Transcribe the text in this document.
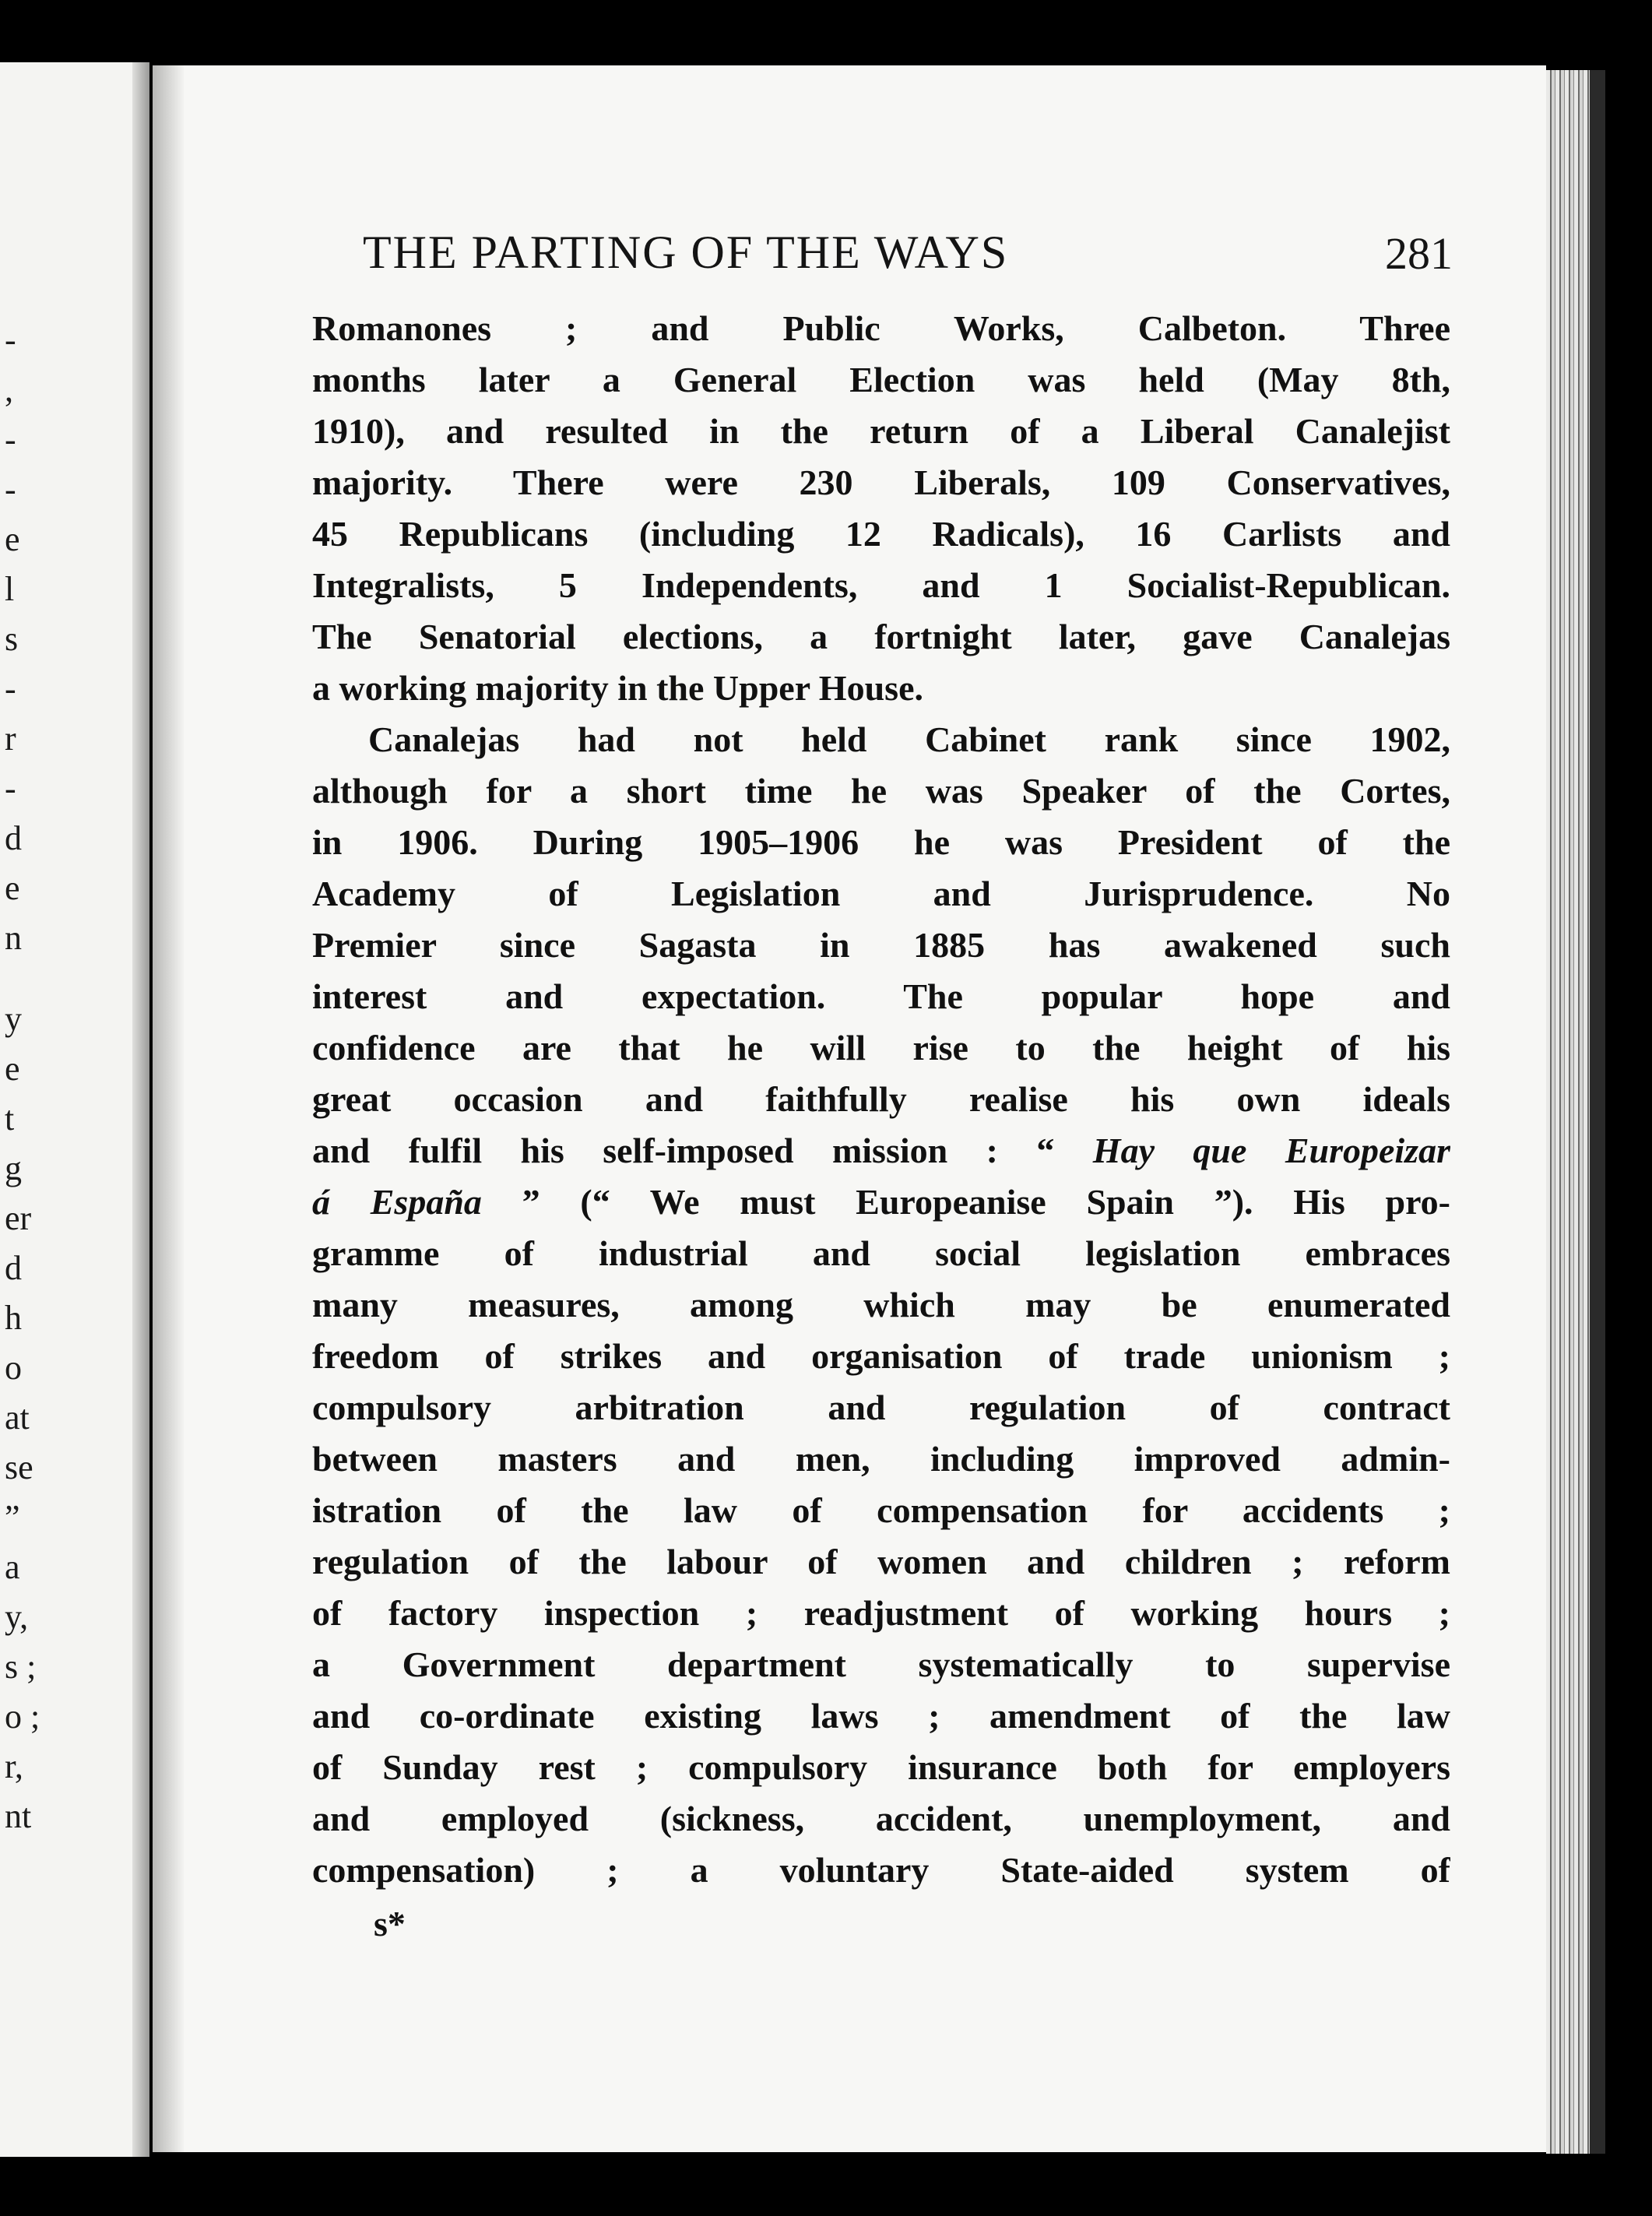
-
,
-
-
e
l
s
-
r
-
d
e
n
y
e
t
g
er
d
h
o
at
se
”
a
y,
s ;
o ;
r,
nt
THE PARTING OF THE WAYS	281
Romanones ; and Public Works, Calbeton. Three
months later a General Election was held (May 8th,
1910), and resulted in the return of a Liberal Canalejist
majority. There were 230 Liberals, 109 Conservatives,
45 Republicans (including 12 Radicals), 16 Carlists and
Integralists, 5 Independents, and 1 Socialist-Republican.
The Senatorial elections, a fortnight later, gave Canalejas
a working majority in the Upper House.
Canalejas had not held Cabinet rank since 1902,
although for a short time he was Speaker of the Cortes,
in 1906. During 1905–1906 he was President of the
Academy of Legislation and Jurisprudence. No
Premier since Sagasta in 1885 has awakened such
interest and expectation. The popular hope and
confidence are that he will rise to the height of his
great occasion and faithfully realise his own ideals
and fulfil his self-imposed mission : “ Hay que Europeizar
á España ” (“ We must Europeanise Spain ”). His pro-
gramme of industrial and social legislation embraces
many measures, among which may be enumerated
freedom of strikes and organisation of trade unionism ;
compulsory arbitration and regulation of contract
between masters and men, including improved admin-
istration of the law of compensation for accidents ;
regulation of the labour of women and children ; reform
of factory inspection ; readjustment of working hours ;
a Government department systematically to supervise
and co-ordinate existing laws ; amendment of the law
of Sunday rest ; compulsory insurance both for employers
and employed (sickness, accident, unemployment, and
compensation) ; a voluntary State-aided system of
s*
